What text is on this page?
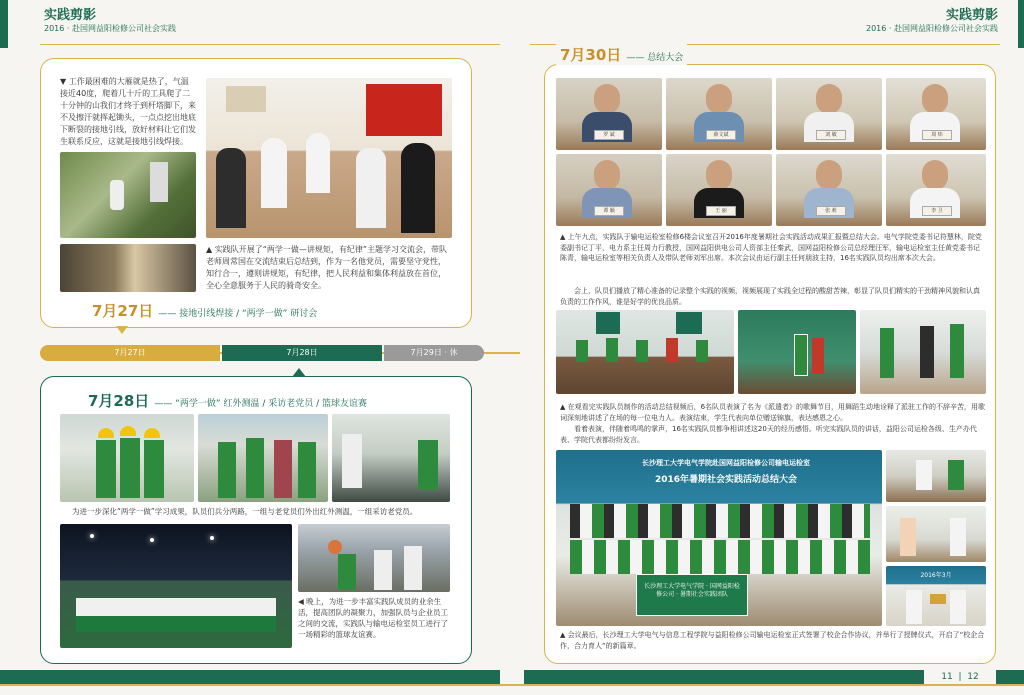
实践剪影
2016 · 赴国网益阳检修公司社会实践
实践剪影
2016 · 赴国网益阳检修公司社会实践
▼ 工作最困难的大雁就是热了，气温接近40度，爬着几十斤的工具爬了二十分钟的山我们才终于到杆塔脚下，来不及擦汗就挥起锄头，一点点挖出地底下断裂的接地引线，放好材料让它们发生联系反应，这就是接地引线焊接。
▲ 实践队开展了“两学一做—讲规矩，有纪律”主题学习交流会，带队老师周常国在交流结束后总结到，作为一名他党员，需要坚守党性，知行合一，遵则讲规矩，有纪律，把人民利益和集体利益放在首位，全心全意服务于人民的骑奇安全。
7月27日 —— 接地引线焊接 / “两学一做” 研讨会
7月27日	7月28日	7月29日 · 休
7月28日 —— “两学一做” 红外测温 / 采访老党员 / 篮球友谊赛
为进一步深化“两学一做”学习成果，队员们兵分两路，一组与老党员们外出红外测温，一组采访老党员。
◀ 晚上，为进一步丰富实践队成员的业余生活，提高团队的凝聚力，加强队员与企业员工之间的交流，实践队与输电运检室员工进行了一场精彩的篮球友谊赛。
7月30日 —— 总结大会
罗 斌	薛文斌	刘 敏	周 炜
谭 颖	王 丽	张 莉	李 卫
▲ 上午九点，实践队于输电运检室检修6楼会议室召开2016年度暑期社会实践活动成果汇报暨总结大会。电气学院党委书记符慧林，院党委副书记丁平，电力系主任周力行教授，国网益阳供电公司人资部主任秦武，国网益阳检修公司总经理汪军，输电运检室主任黄党委书记陈青，输电运检室等相关负责人及带队老师刘军出席。本次会议由运行副主任何朋波主持，16名实践队员均出席本次大会。
会上，队员们播放了精心准备的记录整个实践的视频，视频展现了实践全过程的酸甜苦辣，彰显了队员们精实的干劲精神风貌和认真负责的工作作风，谁是好学的优良品质。
▲ 在观看完实践队员制作的活动总结视频后，6名队员表演了名为《派遣者》的歌舞节目，用舞蹈生动地诠释了派驻工作的不辞辛苦，用歌词深刻地讲述了在场的每一位电力人。表演结束，学生代表向单位赠送锦旗，表达感恩之心。
看着表演，伴随着鸣鸣的掌声，16名实践队员都争相讲述这20天的经历感悟。听完实践队员的讲话，益阳公司运检各级、生产办代表、学院代表都纷纷发言。
长沙理工大学电气学院赴国网益阳检修公司输电运检室
2016年暑期社会实践活动总结大会
长沙理工大学电气学院 · 国网益阳检修公司 · 暑期社会实践团队
2016年3月
▲ 会议最后，长沙理工大学电气与信息工程学院与益阳检修公司输电运检室正式签署了校企合作协议，并举行了授牌仪式，开启了“校企合作，合力育人”的新篇章。
11  |  12
